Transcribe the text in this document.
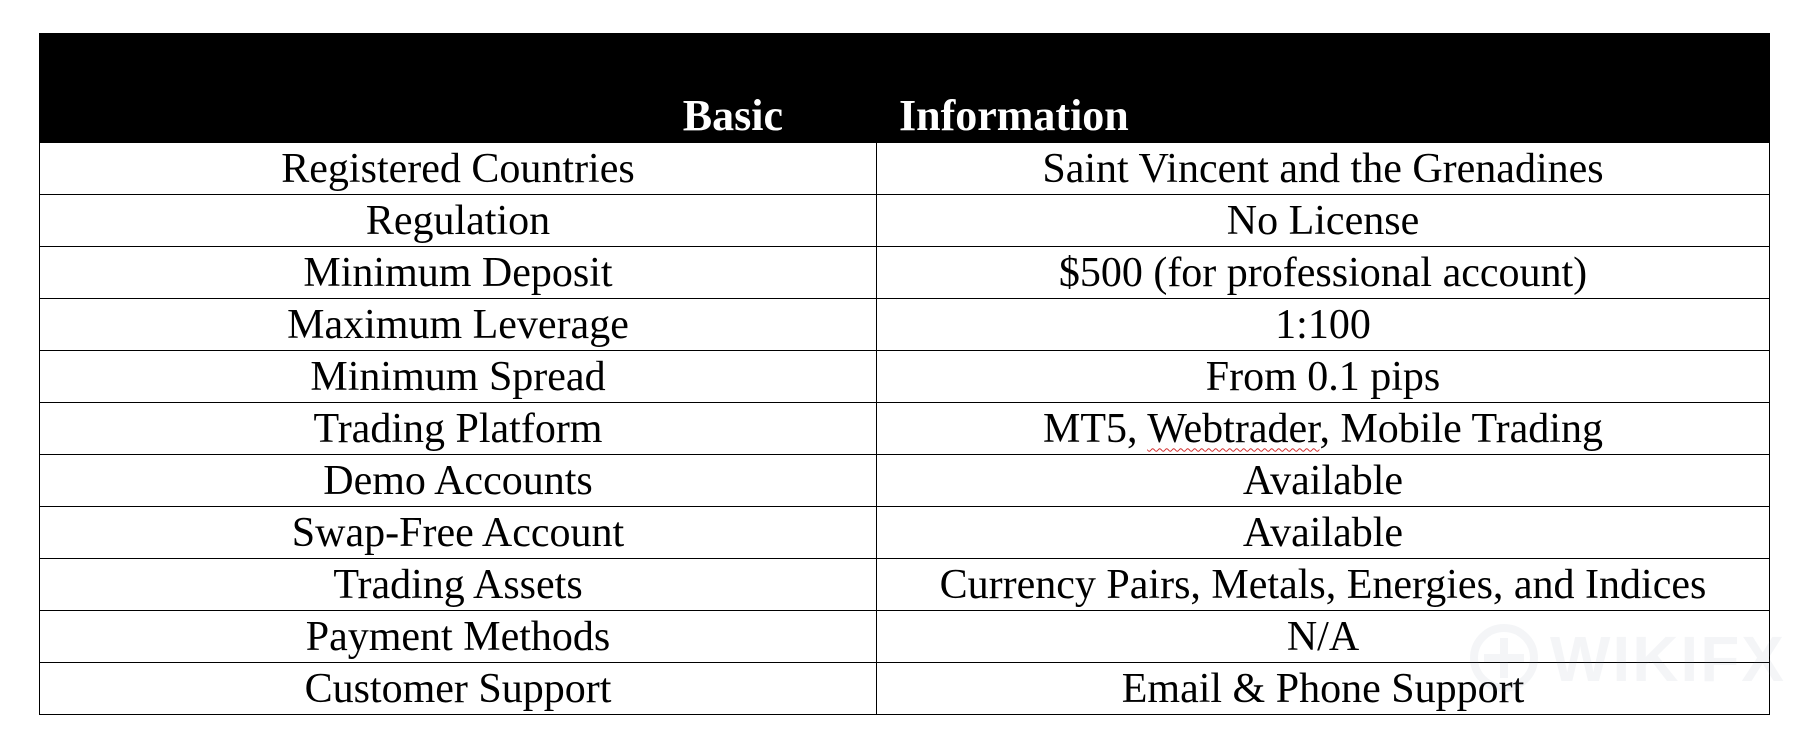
Basic	Information
Registered Countries	Saint Vincent and the Grenadines
Regulation	No License
Minimum Deposit	$500 (for professional account)
Maximum Leverage	1:100
Minimum Spread	From 0.1 pips
Trading Platform	MT5, Webtrader, Mobile Trading
Demo Accounts	Available
Swap-Free Account	Available
Trading Assets	Currency Pairs, Metals, Energies, and Indices
Payment Methods	N/A
Customer Support	Email & Phone Support WIKIFX
